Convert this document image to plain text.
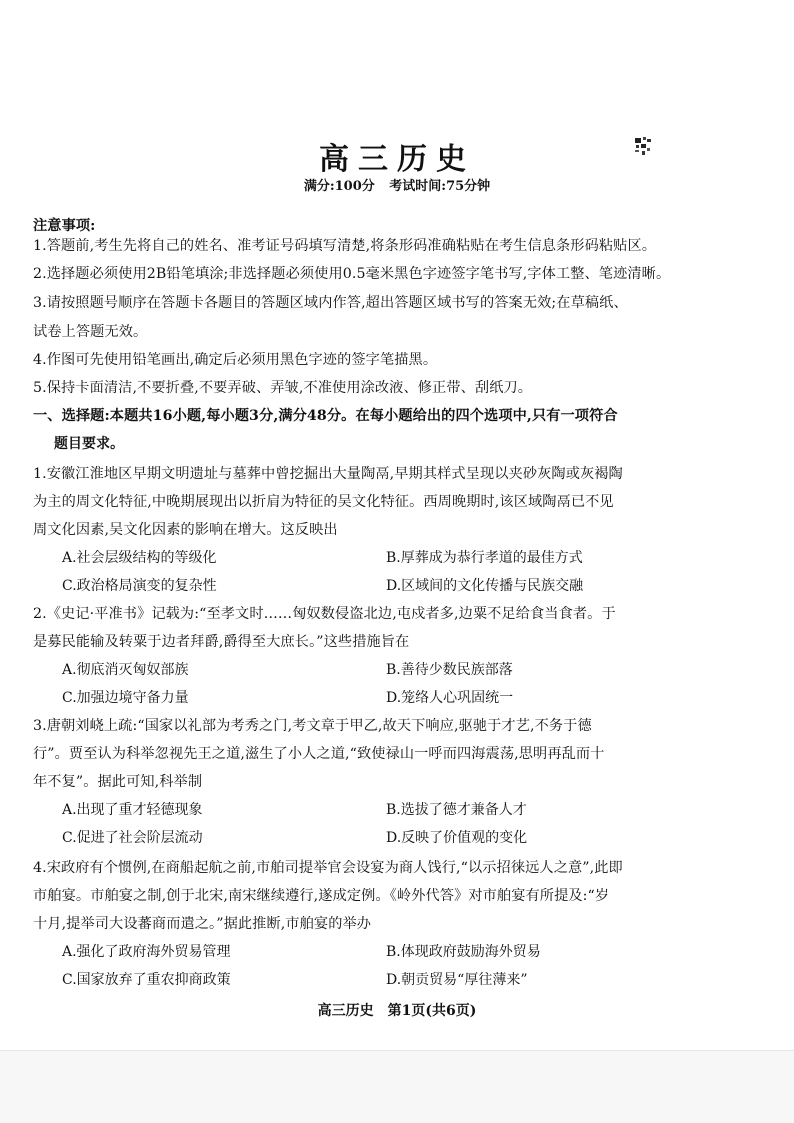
高三历史
满分:100分 考试时间:75分钟
注意事项:
1.答题前,考生先将自己的姓名、准考证号码填写清楚,将条形码准确粘贴在考生信息条形码粘贴区。
2.选择题必须使用2B铅笔填涂;非选择题必须使用0.5毫米黑色字迹签字笔书写,字体工整、笔迹清晰。
3.请按照题号顺序在答题卡各题目的答题区域内作答,超出答题区域书写的答案无效;在草稿纸、
试卷上答题无效。
4.作图可先使用铅笔画出,确定后必须用黑色字迹的签字笔描黑。
5.保持卡面清洁,不要折叠,不要弄破、弄皱,不准使用涂改液、修正带、刮纸刀。
一、选择题:本题共16小题,每小题3分,满分48分。在每小题给出的四个选项中,只有一项符合
题目要求。
1.安徽江淮地区早期文明遗址与墓葬中曾挖掘出大量陶鬲,早期其样式呈现以夹砂灰陶或灰褐陶
为主的周文化特征,中晚期展现出以折肩为特征的吴文化特征。西周晚期时,该区域陶鬲已不见
周文化因素,吴文化因素的影响在增大。这反映出
A.社会层级结构的等级化	B.厚葬成为恭行孝道的最佳方式
C.政治格局演变的复杂性	D.区域间的文化传播与民族交融
2.《史记·平准书》记载为:“至孝文时……匈奴数侵盗北边,屯戍者多,边粟不足给食当食者。于
是募民能输及转粟于边者拜爵,爵得至大庶长。”这些措施旨在
A.彻底消灭匈奴部族	B.善待少数民族部落
C.加强边境守备力量	D.笼络人心巩固统一
3.唐朝刘峣上疏:“国家以礼部为考秀之门,考文章于甲乙,故天下响应,驱驰于才艺,不务于德
行”。贾至认为科举忽视先王之道,滋生了小人之道,“致使禄山一呼而四海震荡,思明再乱而十
年不复”。据此可知,科举制
A.出现了重才轻德现象	B.选拔了德才兼备人才
C.促进了社会阶层流动	D.反映了价值观的变化
4.宋政府有个惯例,在商船起航之前,市舶司提举官会设宴为商人饯行,“以示招徕远人之意”,此即
市舶宴。市舶宴之制,创于北宋,南宋继续遵行,遂成定例。《岭外代答》对市舶宴有所提及:“岁
十月,提举司大设蕃商而遣之。”据此推断,市舶宴的举办
A.强化了政府海外贸易管理	B.体现政府鼓励海外贸易
C.国家放弃了重农抑商政策	D.朝贡贸易“厚往薄来”
高三历史　第1页(共6页)
